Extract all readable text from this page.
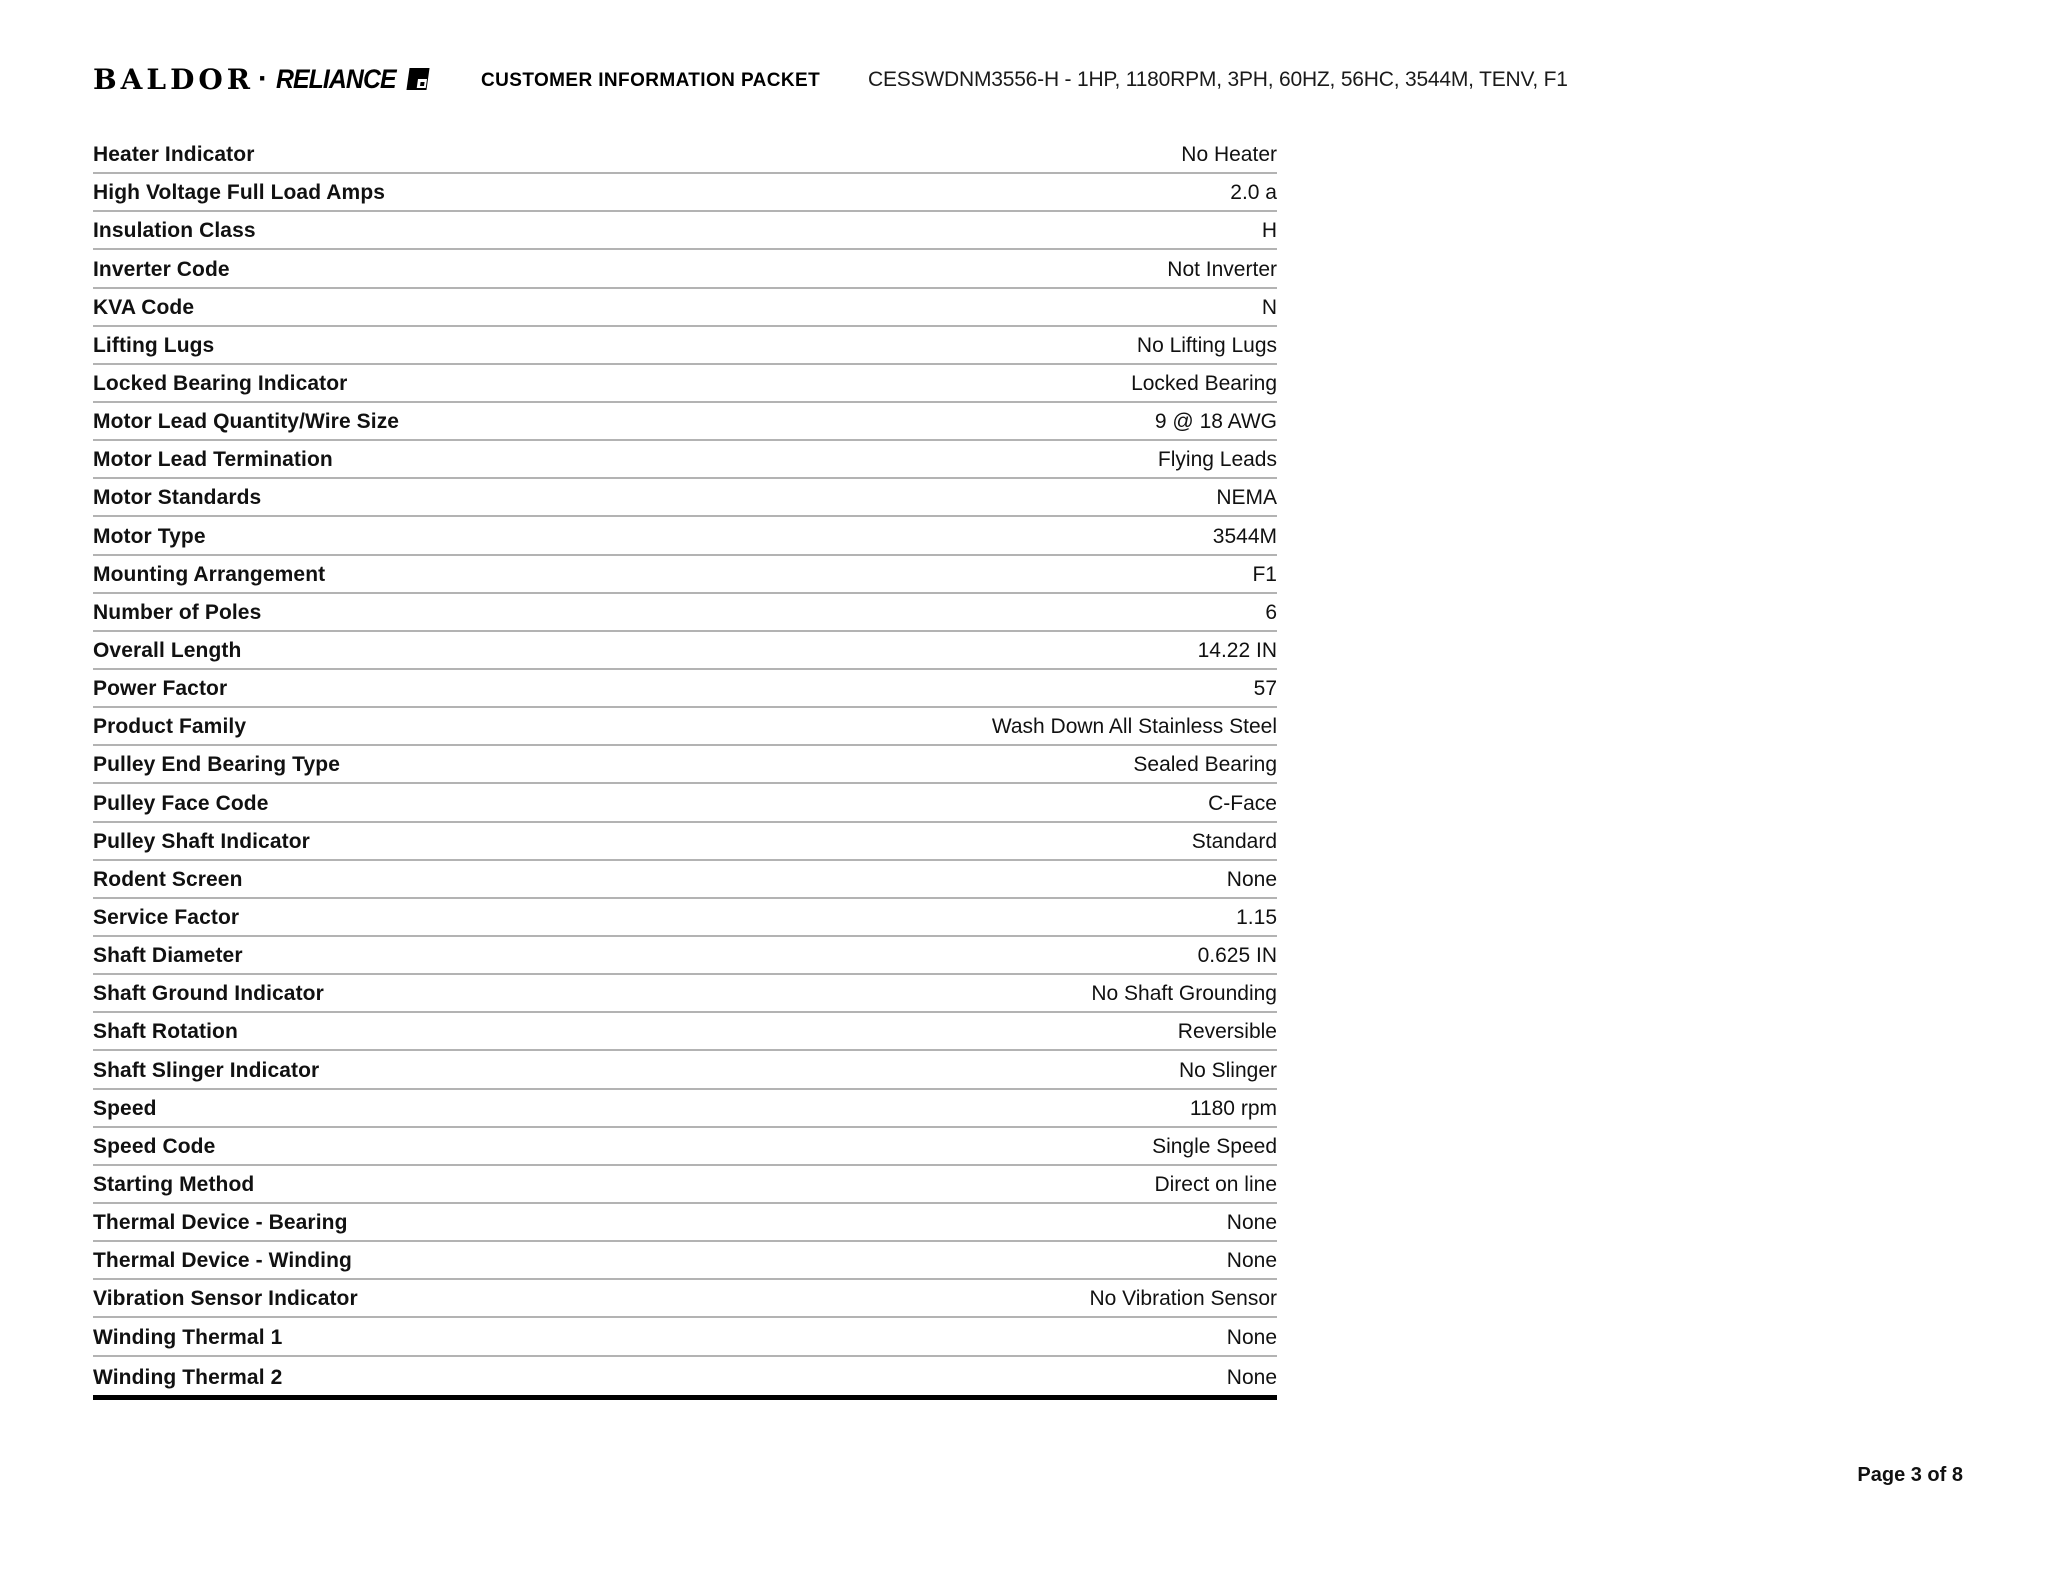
BALDOR · RELIANCE	CUSTOMER INFORMATION PACKET CESSWDNM3556-H - 1HP, 1180RPM, 3PH, 60HZ, 56HC, 3544M, TENV, F1
Heater Indicator	No Heater
High Voltage Full Load Amps	2.0 a
Insulation Class	H
Inverter Code	Not Inverter
KVA Code	N
Lifting Lugs	No Lifting Lugs
Locked Bearing Indicator	Locked Bearing
Motor Lead Quantity/Wire Size	9 @ 18 AWG
Motor Lead Termination	Flying Leads
Motor Standards	NEMA
Motor Type	3544M
Mounting Arrangement	F1
Number of Poles	6
Overall Length	14.22 IN
Power Factor	57
Product Family	Wash Down All Stainless Steel
Pulley End Bearing Type	Sealed Bearing
Pulley Face Code	C-Face
Pulley Shaft Indicator	Standard
Rodent Screen	None
Service Factor	1.15
Shaft Diameter	0.625 IN
Shaft Ground Indicator	No Shaft Grounding
Shaft Rotation	Reversible
Shaft Slinger Indicator	No Slinger
Speed	1180 rpm
Speed Code	Single Speed
Starting Method	Direct on line
Thermal Device - Bearing	None
Thermal Device - Winding	None
Vibration Sensor Indicator	No Vibration Sensor
Winding Thermal 1	None
Winding Thermal 2	None
Page 3 of 8
